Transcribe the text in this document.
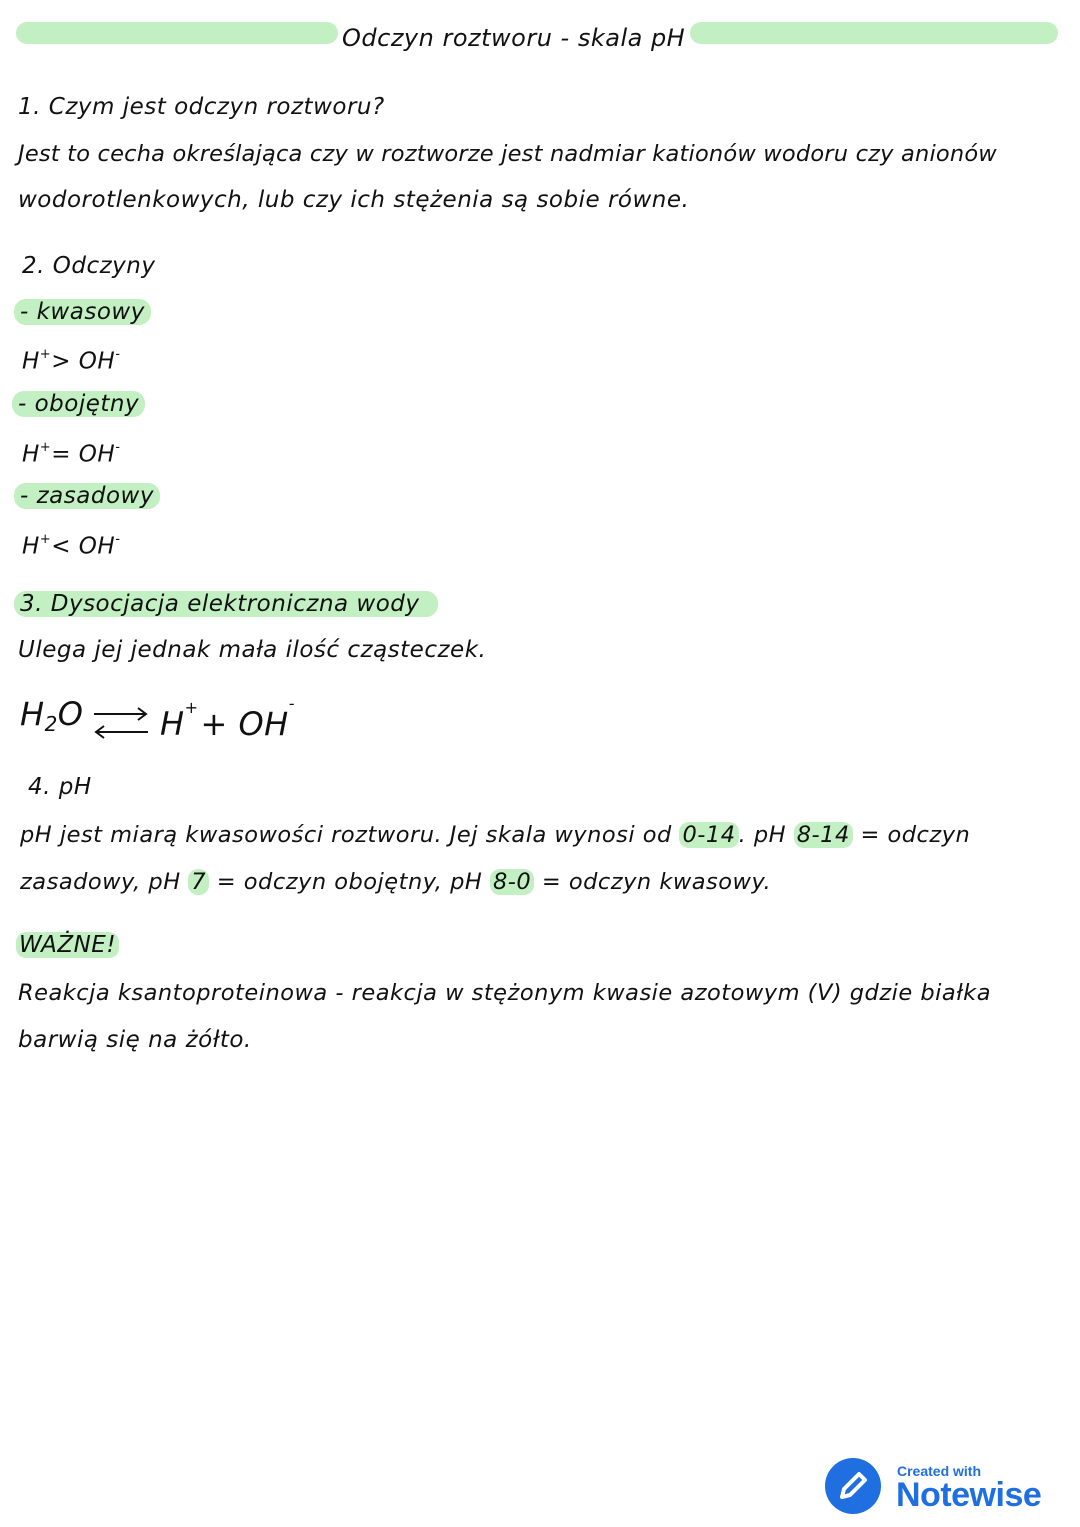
Odczyn roztworu - skala pH
1. Czym jest odczyn roztworu?
Jest to cecha określająca czy w roztworze jest nadmiar kationów wodoru czy anionów
wodorotlenkowych, lub czy ich stężenia są sobie równe.
2. Odczyny
- kwasowy
H+> OH-
- obojętny
H+= OH-
- zasadowy
H+< OH-
3. Dysocjacja elektroniczna wody
Ulega jej jednak mała ilość cząsteczek.
H2O ⇌ H++ OH-
4. pH
pH jest miarą kwasowości roztworu. Jej skala wynosi od 0-14 . pH 8-14 = odczyn
zasadowy, pH 7 = odczyn obojętny, pH 8-0 = odczyn kwasowy.
WAŻNE!
Reakcja ksantoproteinowa - reakcja w stężonym kwasie azotowym (V) gdzie białka
barwią się na żółto.
Created with
Notewise
